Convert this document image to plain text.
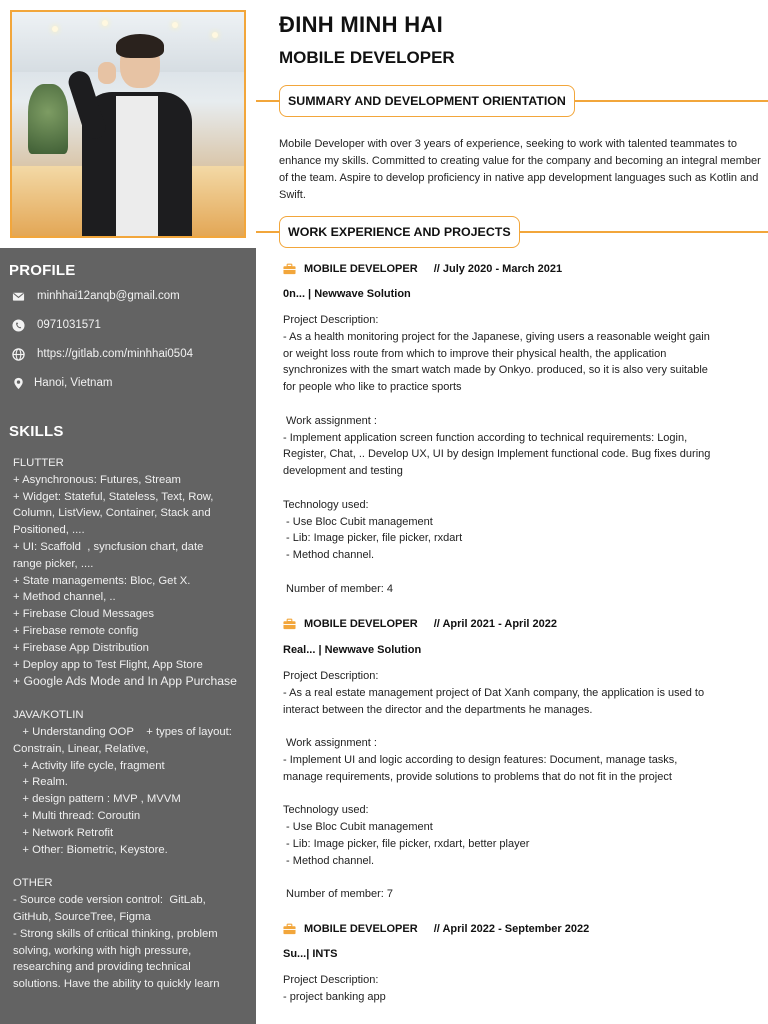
PROFILE
minhhai12anqb@gmail.com
0971031571
https://gitlab.com/minhhai0504
Hanoi, Vietnam
SKILLS
FLUTTER
+ Asynchronous: Futures, Stream
+ Widget: Stateful, Stateless, Text, Row,
Column, ListView, Container, Stack and
Positioned, ....
+ UI: Scaffold  , syncfusion chart, date
range picker, ....
+ State managements: Bloc, Get X.
+ Method channel, ..
+ Firebase Cloud Messages
+ Firebase remote config
+ Firebase App Distribution
+ Deploy app to Test Flight, App Store
+ Google Ads Mode and In App Purchase
JAVA/KOTLIN
+ Understanding OOP    + types of layout:
Constrain, Linear, Relative,
+ Activity life cycle, fragment
+ Realm.
+ design pattern : MVP , MVVM
+ Multi thread: Coroutin
+ Network Retrofit
+ Other: Biometric, Keystore.
OTHER
- Source code version control:  GitLab,
GitHub, SourceTree, Figma
- Strong skills of critical thinking, problem
solving, working with high pressure,
researching and providing technical
solutions. Have the ability to quickly learn
ĐINH MINH HAI
MOBILE DEVELOPER
SUMMARY AND DEVELOPMENT ORIENTATION
Mobile Developer with over 3 years of experience, seeking to work with talented teammates to enhance my skills. Committed to creating value for the company and becoming an integral member of the team. Aspire to develop proficiency in native app development languages such as Kotlin and Swift.
WORK EXPERIENCE AND PROJECTS
MOBILE DEVELOPER // July 2020 - March 2021
0n... | Newwave Solution
Project Description:
- As a health monitoring project for the Japanese, giving users a reasonable weight gain
or weight loss route from which to improve their physical health, the application
synchronizes with the smart watch made by Onkyo. produced, so it is also very suitable
for people who like to practice sports
Work assignment :
- Implement application screen function according to technical requirements: Login,
Register, Chat, .. Develop UX, UI by design Implement functional code. Bug fixes during
development and testing
Technology used:
- Use Bloc Cubit management
- Lib: Image picker, file picker, rxdart
- Method channel.
Number of member: 4
MOBILE DEVELOPER // April 2021 - April 2022
Real... | Newwave Solution
Project Description:
- As a real estate management project of Dat Xanh company, the application is used to
interact between the director and the departments he manages.
Work assignment :
- Implement UI and logic according to design features: Document, manage tasks,
manage requirements, provide solutions to problems that do not fit in the project
Technology used:
- Use Bloc Cubit management
- Lib: Image picker, file picker, rxdart, better player
- Method channel.
Number of member: 7
MOBILE DEVELOPER // April 2022 - September 2022
Su...| INTS
Project Description:
- project banking app
